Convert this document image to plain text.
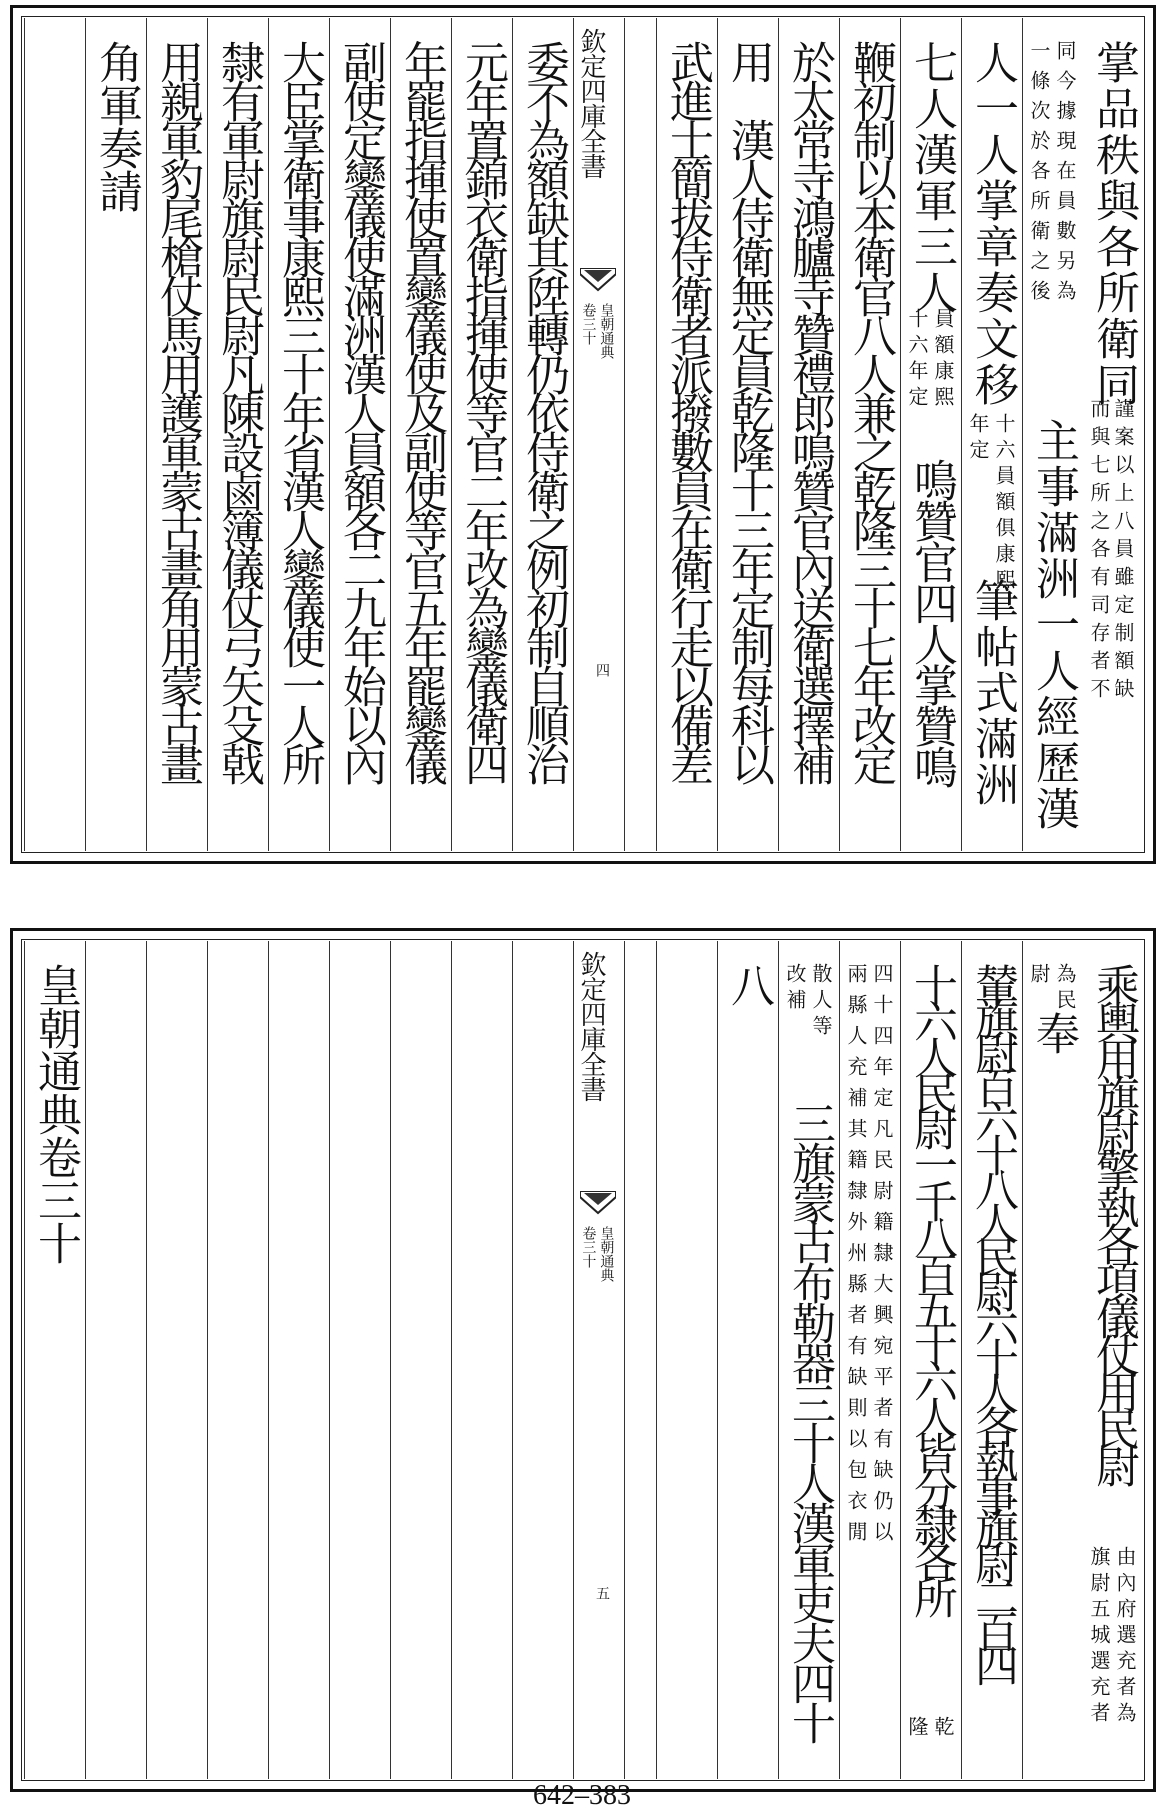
掌品秩與各所衛同
謹案以上八員雖定制額缺
而與七所之各有司存者不
同今據現在員數另為
一條次於各所衛之後
主事滿洲一人經歷漢
人一人掌章奏文移
十六員額俱康熙
年定
筆帖式滿洲
七人漢軍三人
員額康熙
十六年定
鳴贊官四人掌贊鳴
鞭初制以本衛官八人兼之乾隆三十七年改定
於太常寺鴻臚寺贊禮郎鳴贊官內送衛選擇補
用　漢人侍衛無定員乾隆十三年定制每科以
武進士簡拔侍衛者派撥數員在衛行走以備差
欽定四庫全書
皇朝通典
卷三十
四
委不為額缺其陞轉仍依侍衛之例初制自順治
元年置錦衣衛指揮使等官二年改為鑾儀衛四
年罷指揮使置鑾儀使及副使等官五年罷鑾儀
副使定鑾儀使滿洲漢人員額各二九年始以內
大臣掌衛事康熙三十年省漢人鑾儀使一人所
隸有軍尉旗尉民尉凡陳設鹵簿儀仗弓矢殳戟
用親軍豹尾槍仗馬用護軍蒙古畫角用蒙古畫
角軍奏請
乘輿用旗尉擎執各項儀仗用民尉
由內府選充者為
旗尉五城選充者
為民
尉
奉
輦旗尉百六十八人民尉六十人各執事旗尉二百四
十六人民尉一千八百五十六人皆分隸各所
乾
隆
四十四年定凡民尉籍隸大興宛平者有缺仍以
兩縣人充補其籍隸外州縣者有缺則以包衣閒
散人等
改補
三旗蒙古布勒器三十人漢軍吏夫四十
八
欽定四庫全書
皇朝通典
卷三十
五
皇朝通典卷三十
642–383
